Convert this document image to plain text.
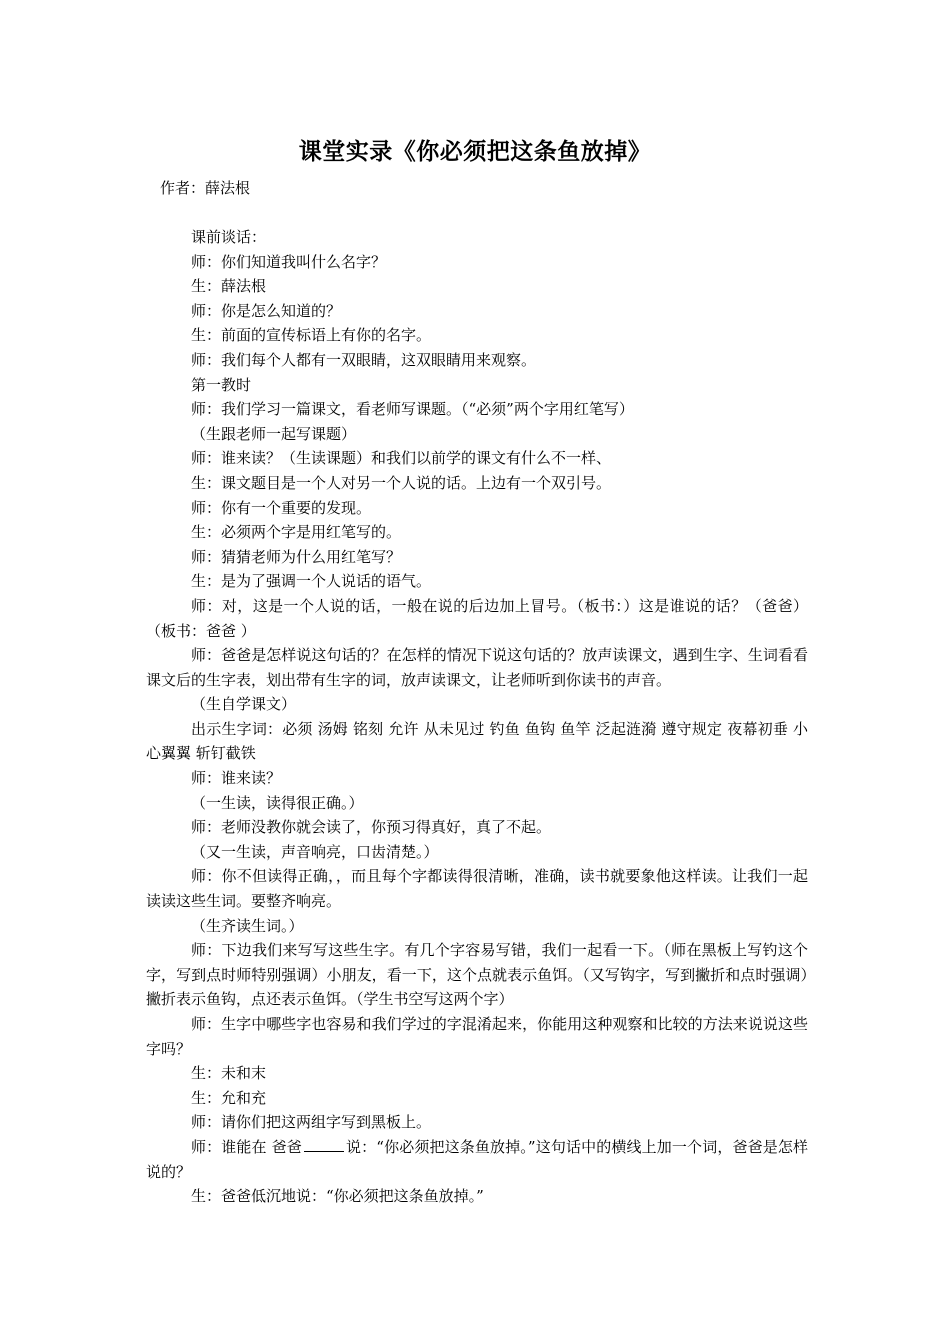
课堂实录《你必须把这条鱼放掉》
作者：薛法根

课前谈话：

师：你们知道我叫什么名字？

生：薛法根

师：你是怎么知道的？

生：前面的宣传标语上有你的名字。

师：我们每个人都有一双眼睛，这双眼睛用来观察。

第一教时

师：我们学习一篇课文，看老师写课题。（“必须”两个字用红笔写）

（生跟老师一起写课题）

师：谁来读？（生读课题）和我们以前学的课文有什么不一样、

生：课文题目是一个人对另一个人说的话。上边有一个双引号。

师：你有一个重要的发现。

生：必须两个字是用红笔写的。

师：猜猜老师为什么用红笔写？

生：是为了强调一个人说话的语气。

师：对，这是一个人说的话，一般在说的后边加上冒号。（板书：）这是谁说的话？（爸爸）（板书：爸爸 ）

师：爸爸是怎样说这句话的？在怎样的情况下说这句话的？放声读课文，遇到生字、生词看看课文后的生字表，划出带有生字的词，放声读课文，让老师听到你读书的声音。

（生自学课文）

出示生字词：必须 汤姆 铭刻 允许 从未见过 钓鱼 鱼钩 鱼竿 泛起涟漪 遵守规定 夜幕初垂 小心翼翼 斩钉截铁

师：谁来读？

（一生读，读得很正确。）

师：老师没教你就会读了，你预习得真好，真了不起。

（又一生读，声音响亮，口齿清楚。）

师：你不但读得正确，，而且每个字都读得很清晰，准确，读书就要象他这样读。让我们一起读读这些生词。要整齐响亮。

（生齐读生词。）

师：下边我们来写写这些生字。有几个字容易写错，我们一起看一下。（师在黑板上写钓这个字，写到点时师特别强调）小朋友，看一下，这个点就表示鱼饵。（又写钩字，写到撇折和点时强调）撇折表示鱼钩，点还表示鱼饵。（学生书空写这两个字）

师：生字中哪些字也容易和我们学过的字混淆起来，你能用这种观察和比较的方法来说说这些字吗？

生：未和末

生：允和充

师：请你们把这两组字写到黑板上。

师：谁能在 爸爸	说：“你必须把这条鱼放掉。”这句话中的横线上加一个词，爸爸是怎样说的？

生：爸爸低沉地说：“你必须把这条鱼放掉。”
